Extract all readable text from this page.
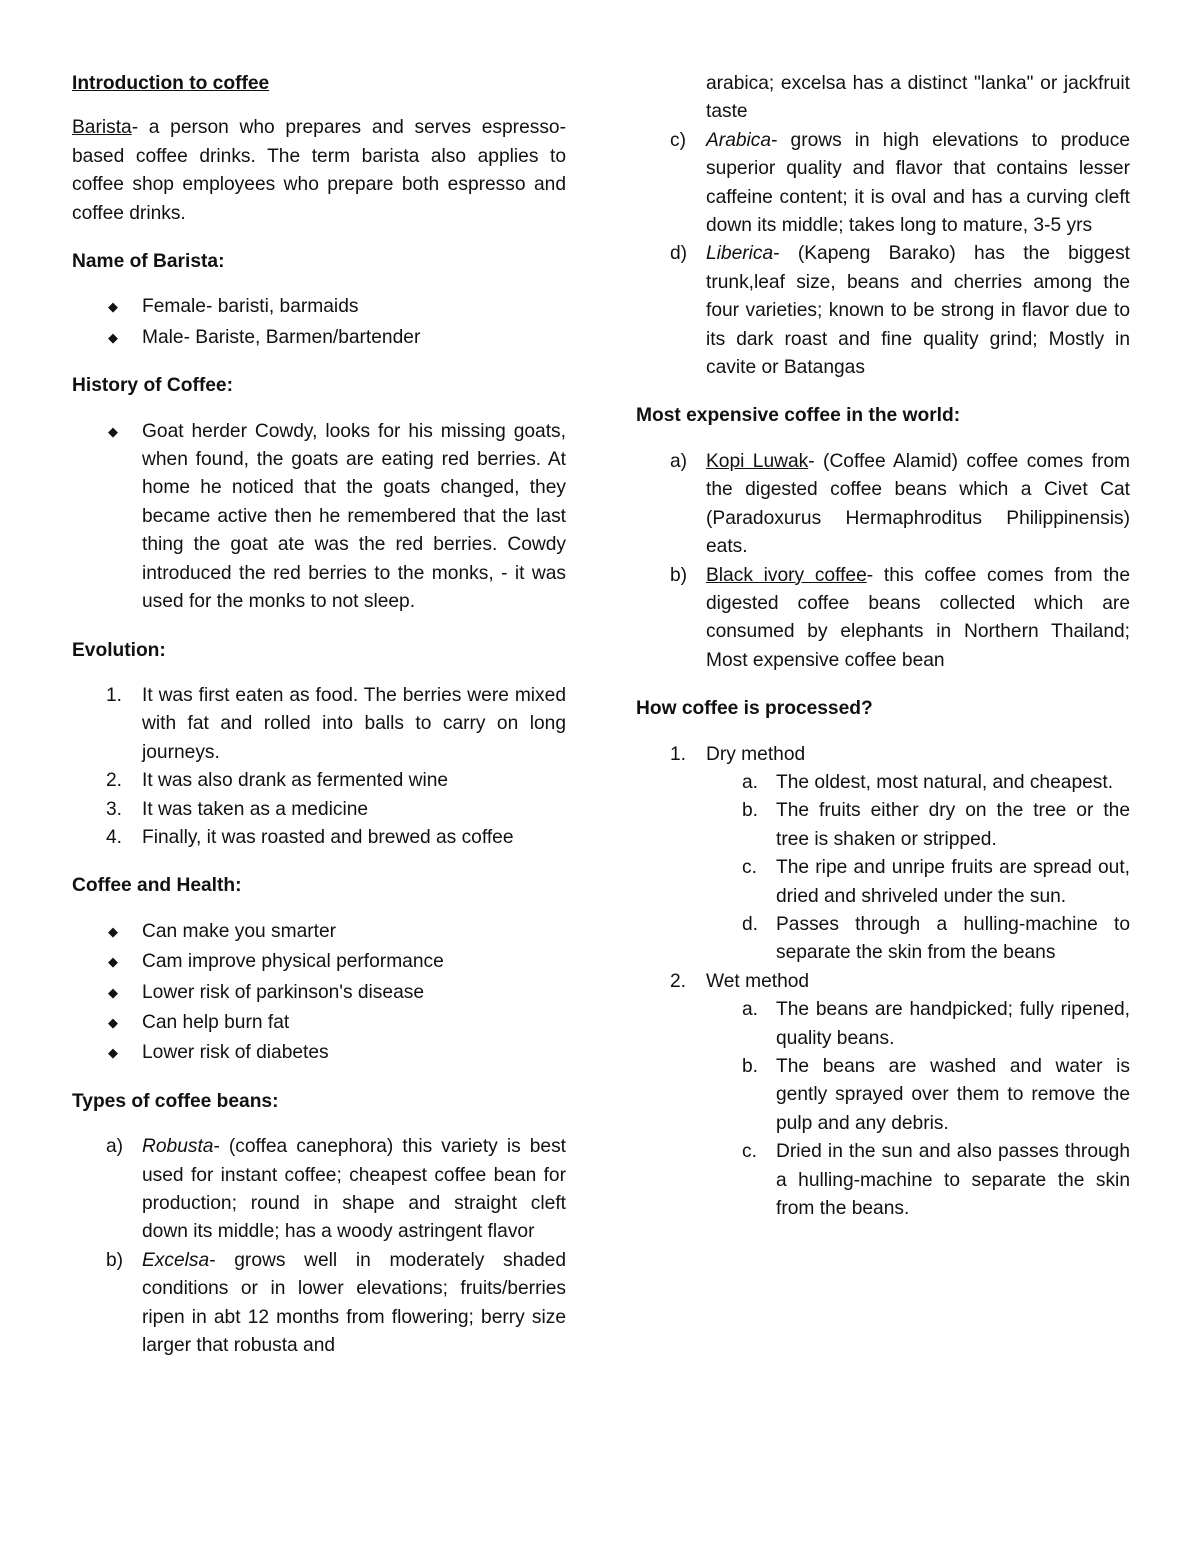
Introduction to coffee

Barista- a person who prepares and serves espresso-based coffee drinks. The term barista also applies to coffee shop employees who prepare both espresso and coffee drinks.

Name of Barista:
◆ Female- baristi, barmaids
◆ Male- Bariste, Barmen/bartender
History of Coffee:
◆ Goat herder Cowdy, looks for his missing goats, when found, the goats are eating red berries. At home he noticed that the goats changed, they became active then he remembered that the last thing the goat ate was the red berries. Cowdy introduced the red berries to the monks, - it was used for the monks to not sleep.
Evolution:
1. It was first eaten as food. The berries were mixed with fat and rolled into balls to carry on long journeys.
2. It was also drank as fermented wine
3. It was taken as a medicine
4. Finally, it was roasted and brewed as coffee
Coffee and Health:
◆ Can make you smarter
◆ Cam improve physical performance
◆ Lower risk of parkinson's disease
◆ Can help burn fat
◆ Lower risk of diabetes
Types of coffee beans:
a) Robusta- (coffea canephora) this variety is best used for instant coffee; cheapest coffee bean for production; round in shape and straight cleft down its middle; has a woody astringent flavor
b) Excelsa- grows well in moderately shaded conditions or in lower elevations; fruits/berries ripen in abt 12 months from flowering; berry size larger that robusta and
arabica; excelsa has a distinct "lanka" or jackfruit taste
c) Arabica- grows in high elevations to produce superior quality and flavor that contains lesser caffeine content; it is oval and has a curving cleft down its middle; takes long to mature, 3-5 yrs
d) Liberica- (Kapeng Barako) has the biggest trunk,leaf size, beans and cherries among the four varieties; known to be strong in flavor due to its dark roast and fine quality grind; Mostly in cavite or Batangas
Most expensive coffee in the world:
a) Kopi Luwak- (Coffee Alamid) coffee comes from the digested coffee beans which a Civet Cat (Paradoxurus Hermaphroditus Philippinensis) eats.
b) Black ivory coffee- this coffee comes from the digested coffee beans collected which are consumed by elephants in Northern Thailand; Most expensive coffee bean
How coffee is processed?
1. Dry method
a. The oldest, most natural, and cheapest.
b. The fruits either dry on the tree or the tree is shaken or stripped.
c. The ripe and unripe fruits are spread out, dried and shriveled under the sun.
d. Passes through a hulling-machine to separate the skin from the beans
2. Wet method
a. The beans are handpicked; fully ripened, quality beans.
b. The beans are washed and water is gently sprayed over them to remove the pulp and any debris.
c. Dried in the sun and also passes through a hulling-machine to separate the skin from the beans.
